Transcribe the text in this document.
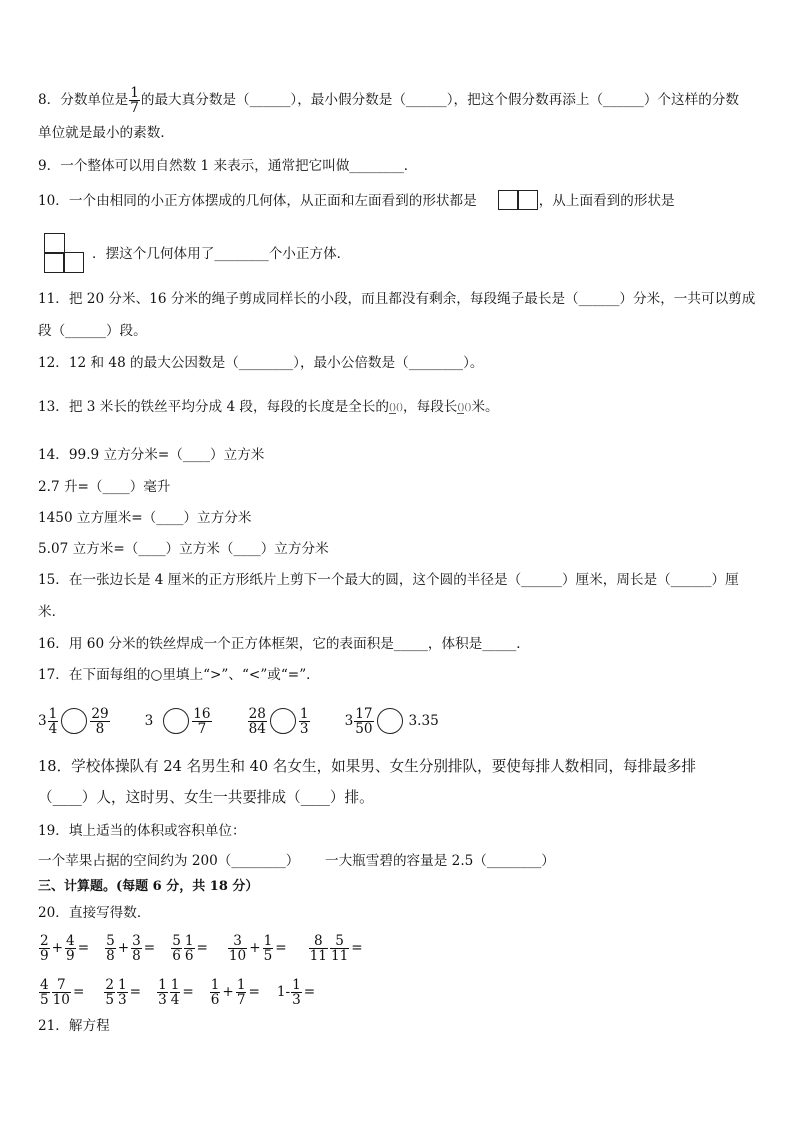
8．分数单位是 $\frac{1}{7}$ 的最大真分数是（______），最小假分数是（______），把这个假分数再添上（______）个这样的分数
单位就是最小的素数．
9．一个整体可以用自然数 1 来表示，通常把它叫做________．
10．一个由相同的小正方体摆成的几何体，从正面和左面看到的形状都是	，从上面看到的形状是
．摆这个几何体用了________个小正方体．
11．把 20 分米、16 分米的绳子剪成同样长的小段，而且都没有剩余，每段绳子最长是（______）分米，一共可以剪成
段（______）段。
12．12 和 48 的最大公因数是（________），最小公倍数是（________）。
13．把 3 米长的铁丝平均分成 4 段，每段的长度是全长的()()，每段长()()米。
14．99.9 立方分米=（____）立方米
2.7 升=（____）毫升
1450 立方厘米=（____）立方分米
5.07 立方米=（____）立方米（____）立方分米
15．在一张边长是 4 厘米的正方形纸片上剪下一个最大的圆，这个圆的半径是（______）厘米，周长是（______）厘
米．
16．用 60 分米的铁丝焊成一个正方体框架，它的表面积是_____，体积是_____．
17．在下面每组的○里填上“>”、“<”或“=”．
$3 \frac{1}{4} \frac{29}{8}$	3	$\frac{16}{7}$	$\frac{28}{84} \frac{1}{3}$	$3 \frac{17}{50}$	3.35
18．学校体操队有 24 名男生和 40 名女生，如果男、女生分别排队，要使每排人数相同，每排最多排
（____）人，这时男、女生一共要排成（____）排。
19．填上适当的体积或容积单位：
一个苹果占据的空间约为 200（________） 一大瓶雪碧的容量是 2.5（________）
三、计算题。(每题 6 分，共 18 分）
20．直接写得数．
$\frac{2}{9} + \frac{4}{9} = \frac{5}{8} + \frac{3}{8} = \frac{5}{6} \frac{1}{6} = \frac{3}{10} + \frac{1}{5} = \frac{8}{11} \frac{5}{11}$ =
$\frac{4}{5} \frac{7}{10} = \frac{2}{5} \frac{1}{3} = \frac{1}{3} \frac{1}{4} = \frac{1}{6} + \frac{1}{7} = 1- \frac{1}{3}$ =
21．解方程
